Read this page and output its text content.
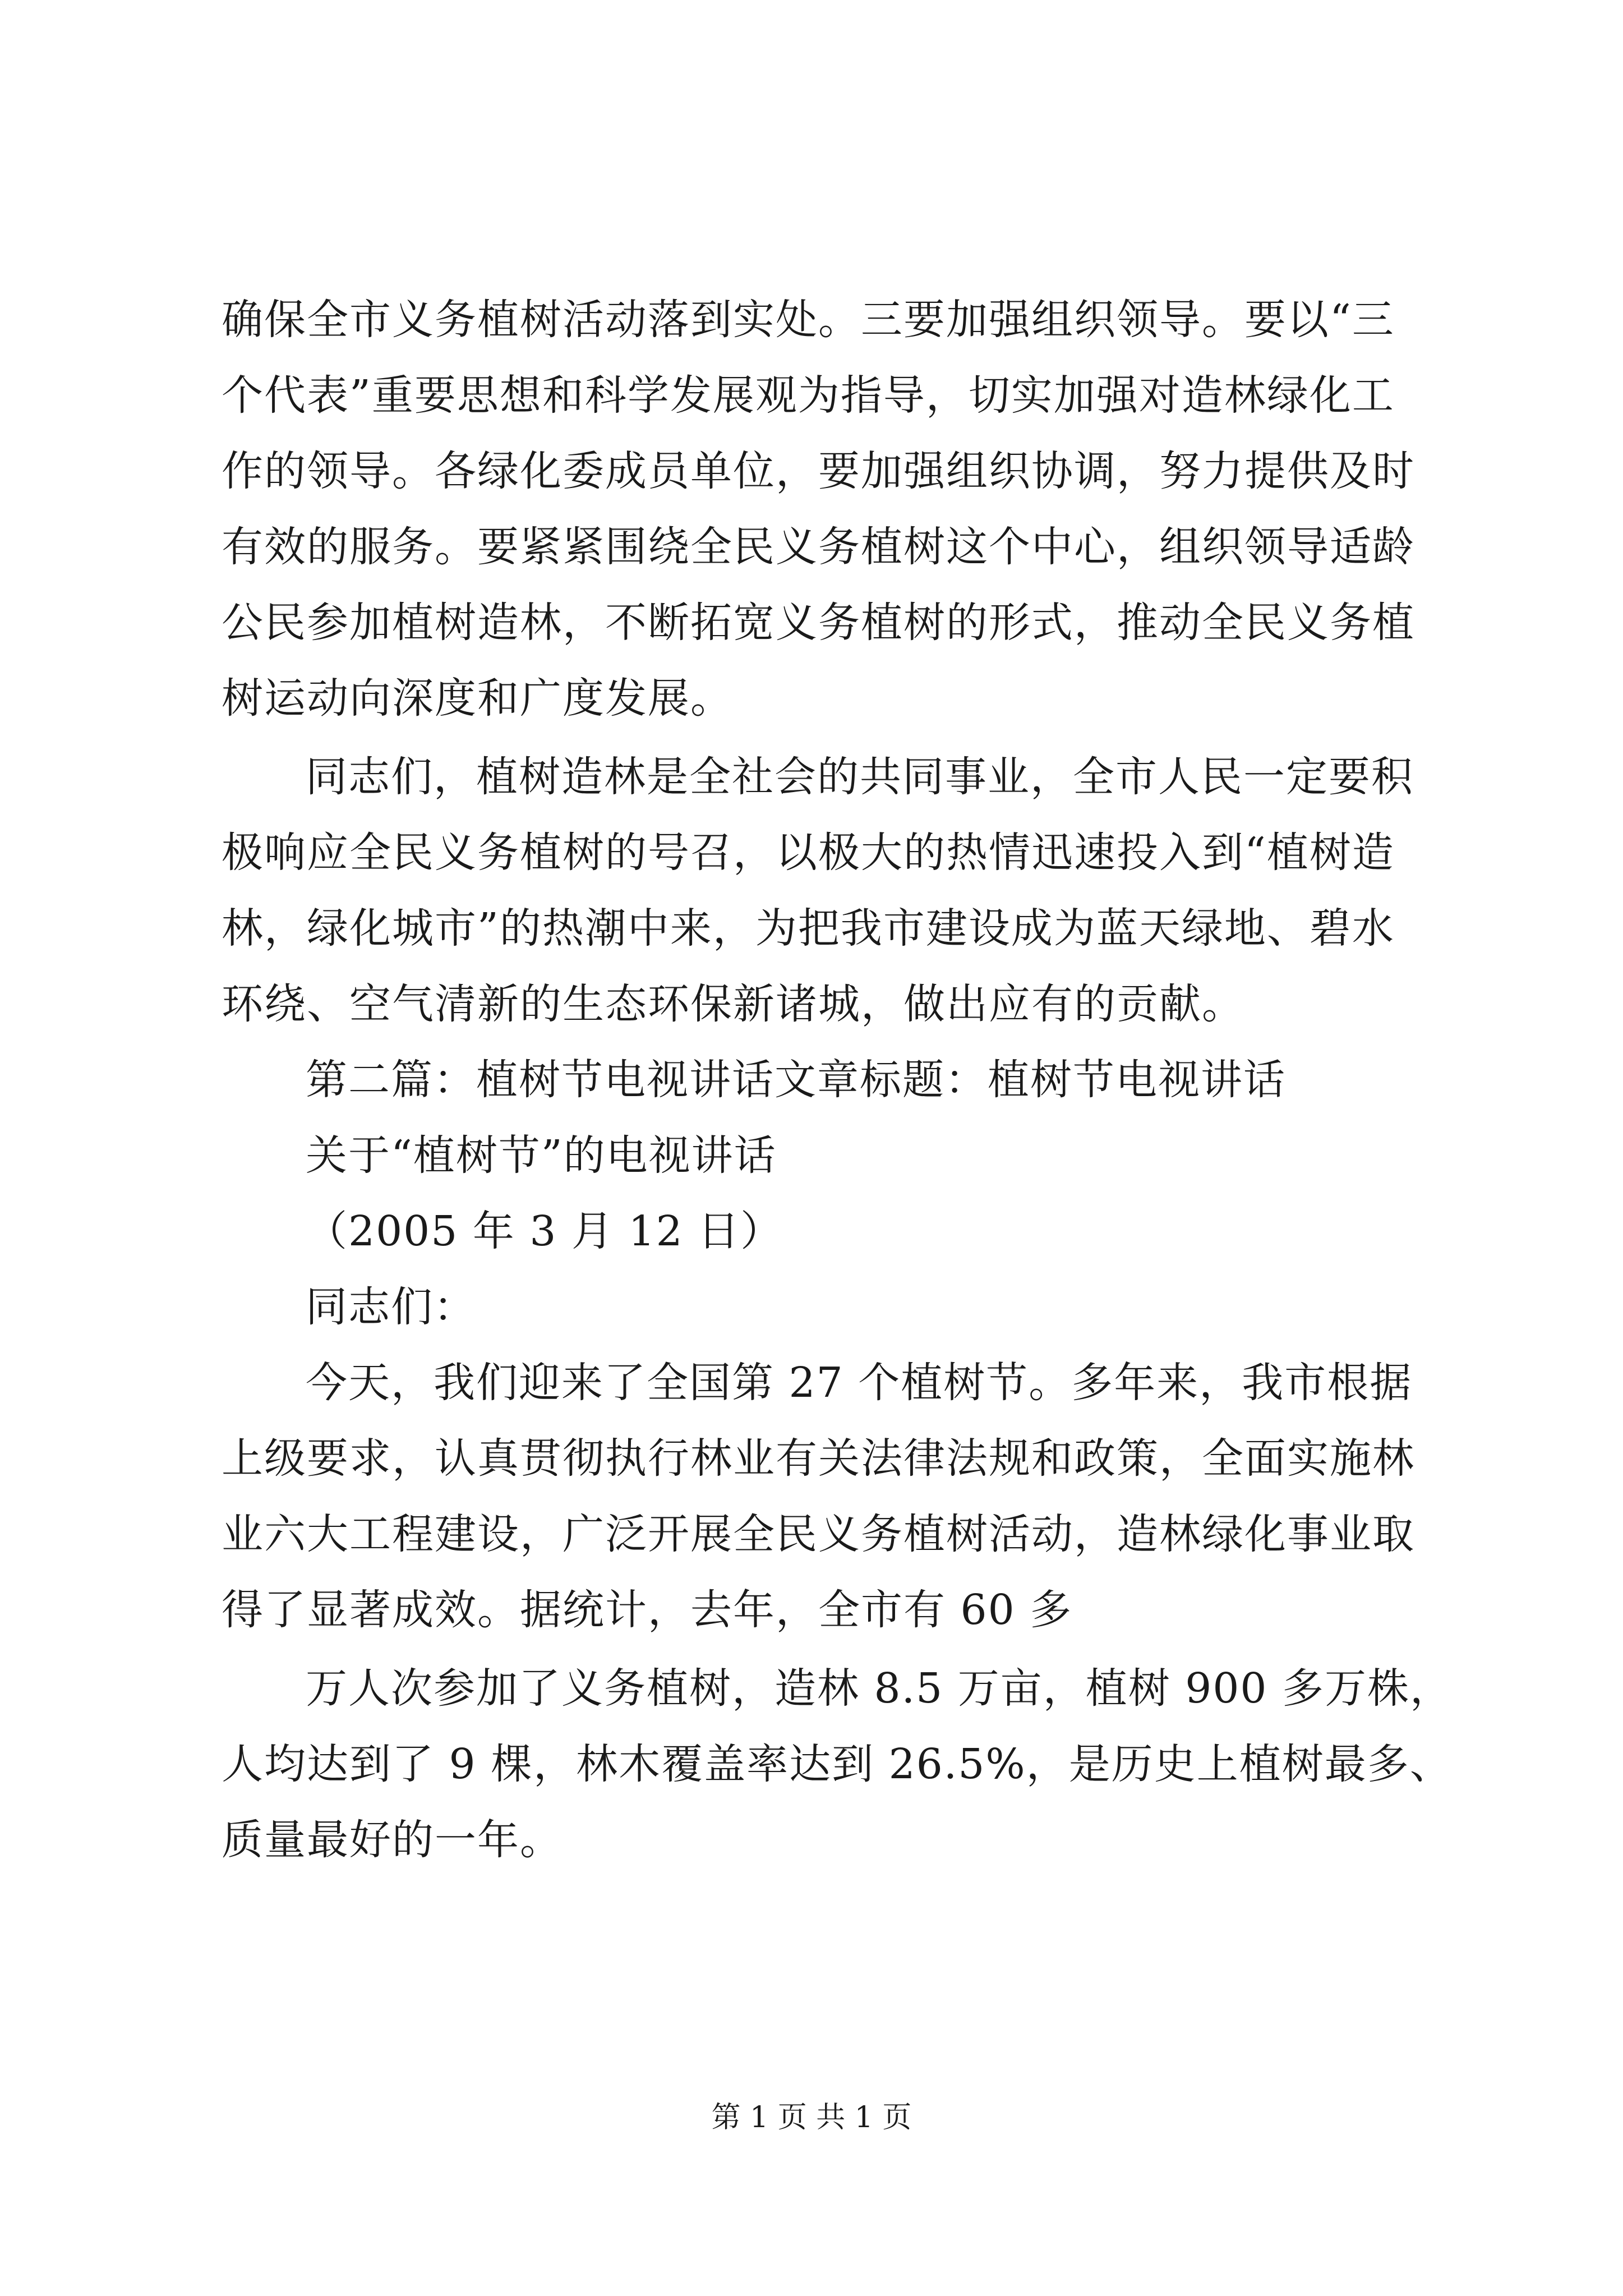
确保全市义务植树活动落到实处。三要加强组织领导。要以“三
个代表”重要思想和科学发展观为指导，切实加强对造林绿化工
作的领导。各绿化委成员单位，要加强组织协调，努力提供及时
有效的服务。要紧紧围绕全民义务植树这个中心，组织领导适龄
公民参加植树造林，不断拓宽义务植树的形式，推动全民义务植
树运动向深度和广度发展。
同志们，植树造林是全社会的共同事业，全市人民一定要积
极响应全民义务植树的号召，以极大的热情迅速投入到“植树造
林，绿化城市”的热潮中来，为把我市建设成为蓝天绿地、碧水
环绕、空气清新的生态环保新诸城，做出应有的贡献。
第二篇：植树节电视讲话文章标题：植树节电视讲话
关于“植树节”的电视讲话
（2005 年 3 月 12 日）
同志们：
今天，我们迎来了全国第 27 个植树节。多年来，我市根据
上级要求，认真贯彻执行林业有关法律法规和政策，全面实施林
业六大工程建设，广泛开展全民义务植树活动，造林绿化事业取
得了显著成效。据统计，去年，全市有 60 多
万人次参加了义务植树，造林 8.5 万亩，植树 900 多万株，
人均达到了 9 棵，林木覆盖率达到 26.5%，是历史上植树最多、
质量最好的一年。
第 1 页 共 1 页
